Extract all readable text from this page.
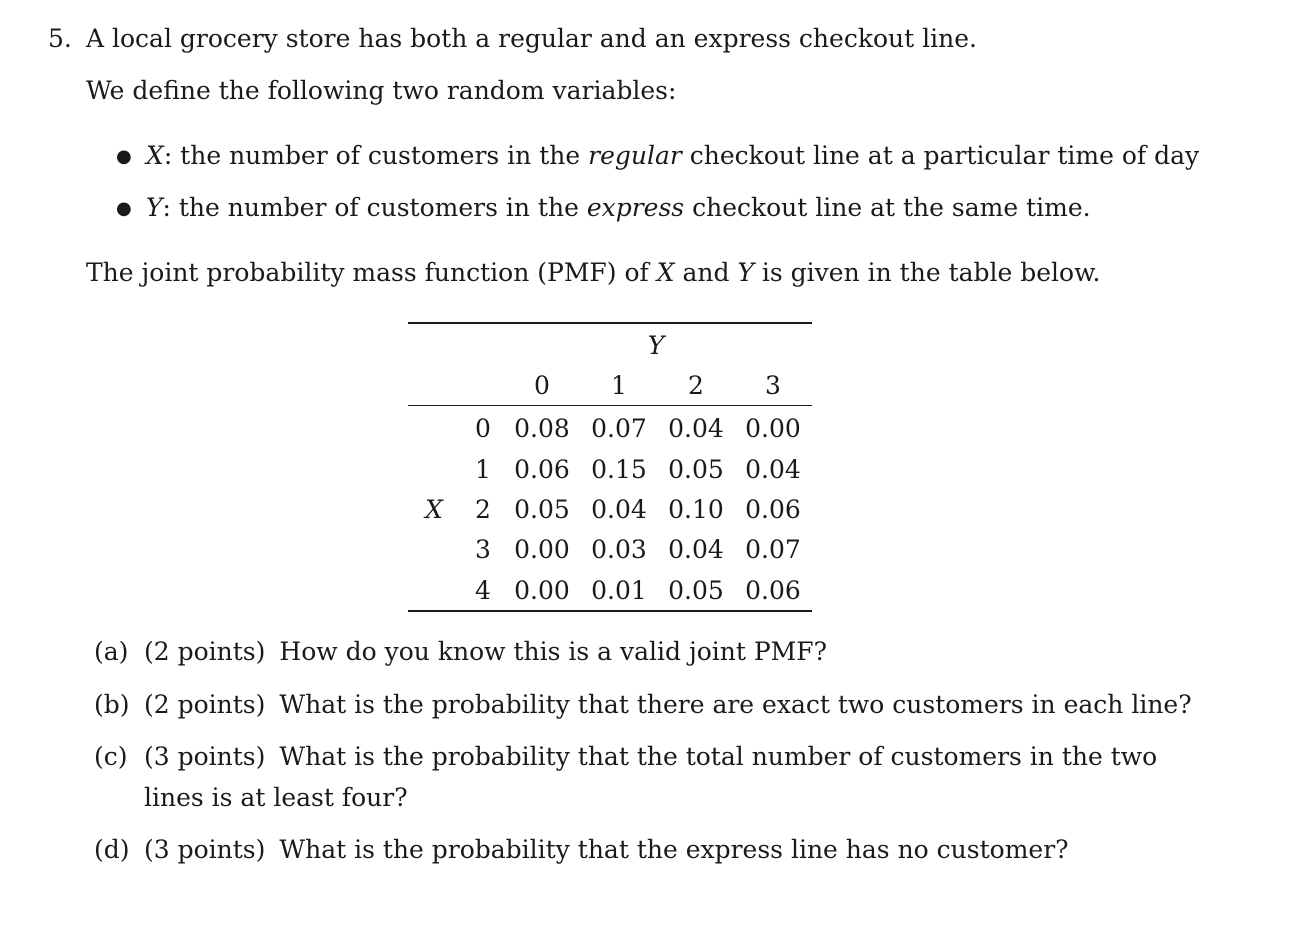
5. A local grocery store has both a regular and an express checkout line.
We define the following two random variables:
● X: the number of customers in the regular checkout line at a particular time of day
● Y: the number of customers in the express checkout line at the same time.
The joint probability mass function (PMF) of X and Y is given in the table below.
Y
X
0	1	2	3
0 0.08 0.07 0.04 0.00
1 0.06 0.15 0.05 0.04
2 0.05 0.04 0.10 0.06
3 0.00 0.03 0.04 0.07
4 0.00 0.01 0.05 0.06
(a) (2 points) How do you know this is a valid joint PMF?
(b) (2 points) What is the probability that there are exact two customers in each line?
(c) (3 points) What is the probability that the total number of customers in the two
lines is at least four?
(d) (3 points) What is the probability that the express line has no customer?
